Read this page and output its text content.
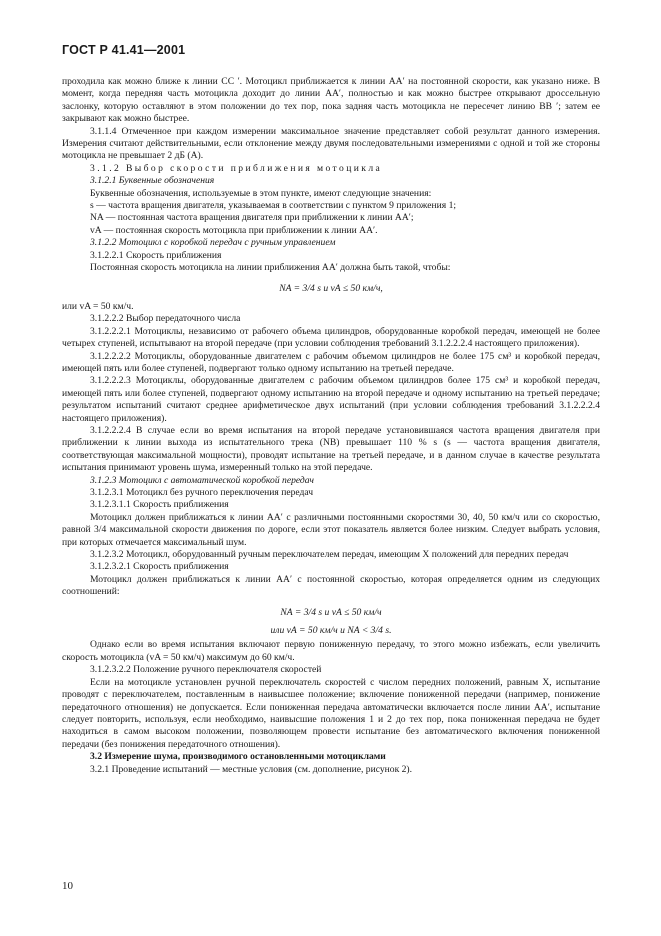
ГОСТ Р 41.41—2001

проходила как можно ближе к линии CC ′. Мотоцикл приближается к линии AA′ на постоянной скорости, как указано ниже. В момент, когда передняя часть мотоцикла доходит до линии AA′, полностью и как можно быстрее открывают дроссельную заслонку, которую оставляют в этом положении до тех пор, пока задняя часть мотоцикла не пересечет линию BB ′; затем ее закрывают как можно быстрее.

3.1.1.4 Отмеченное при каждом измерении максимальное значение представляет собой результат данного измерения. Измерения считают действительными, если отклонение между двумя последовательными измерениями с одной и той же стороны мотоцикла не превышает 2 дБ (А).

3.1.2 Выбор скорости приближения мотоцикла

3.1.2.1 Буквенные обозначения

Буквенные обозначения, используемые в этом пункте, имеют следующие значения:

s — частота вращения двигателя, указываемая в соответствии с пунктом 9 приложения 1;

NA — постоянная частота вращения двигателя при приближении к линии AA′;

vA — постоянная скорость мотоцикла при приближении к линии AA′.

3.1.2.2 Мотоцикл с коробкой передач с ручным управлением

3.1.2.2.1 Скорость приближения

Постоянная скорость мотоцикла на линии приближения AA′ должна быть такой, чтобы:

NA = 3/4 s и vA ≤ 50 км/ч,

или vA = 50 км/ч.

3.1.2.2.2 Выбор передаточного числа

3.1.2.2.2.1 Мотоциклы, независимо от рабочего объема цилиндров, оборудованные коробкой передач, имеющей не более четырех ступеней, испытывают на второй передаче (при условии соблюдения требований 3.1.2.2.2.4 настоящего приложения).

3.1.2.2.2.2 Мотоциклы, оборудованные двигателем с рабочим объемом цилиндров не более 175 см³ и коробкой передач, имеющей пять или более ступеней, подвергают только одному испытанию на третьей передаче.

3.1.2.2.2.3 Мотоциклы, оборудованные двигателем с рабочим объемом цилиндров более 175 см³ и коробкой передач, имеющей пять или более ступеней, подвергают одному испытанию на второй передаче и одному испытанию на третьей передаче; результатом испытаний считают среднее арифметическое двух испытаний (при условии соблюдения требований 3.1.2.2.2.4 настоящего приложения).

3.1.2.2.2.4 В случае если во время испытания на второй передаче установившаяся частота вращения двигателя при приближении к линии выхода из испытательного трека (NB) превышает 110 % s (s — частота вращения двигателя, соответствующая максимальной мощности), проводят испытание на третьей передаче, и в данном случае в качестве результата испытания принимают уровень шума, измеренный только на этой передаче.

3.1.2.3 Мотоцикл с автоматической коробкой передач

3.1.2.3.1 Мотоцикл без ручного переключения передач

3.1.2.3.1.1 Скорость приближения

Мотоцикл должен приближаться к линии AA′ с различными постоянными скоростями 30, 40, 50 км/ч или со скоростью, равной 3/4 максимальной скорости движения по дороге, если этот показатель является более низким. Следует выбрать условия, при которых отмечается максимальный шум.

3.1.2.3.2 Мотоцикл, оборудованный ручным переключателем передач, имеющим X положений для передних передач

3.1.2.3.2.1 Скорость приближения

Мотоцикл должен приближаться к линии AA′ с постоянной скоростью, которая определяется одним из следующих соотношений:

NA = 3/4 s и vA ≤ 50 км/ч

или vA = 50 км/ч и NA < 3/4 s.

Однако если во время испытания включают первую пониженную передачу, то этого можно избежать, если увеличить скорость мотоцикла (vA = 50 км/ч) максимум до 60 км/ч.

3.1.2.3.2.2 Положение ручного переключателя скоростей

Если на мотоцикле установлен ручной переключатель скоростей с числом передних положений, равным X, испытание проводят с переключателем, поставленным в наивысшее положение; включение пониженной передачи (например, понижение передаточного отношения) не допускается. Если пониженная передача автоматически включается после линии AA′, испытание следует повторить, используя, если необходимо, наивысшие положения 1 и 2 до тех пор, пока пониженная передача не будет находиться в самом высоком положении, позволяющем провести испытание без автоматического включения пониженной передачи (без понижения передаточного отношения).

3.2 Измерение шума, производимого остановленными мотоциклами

3.2.1 Проведение испытаний — местные условия (см. дополнение, рисунок 2).

10
